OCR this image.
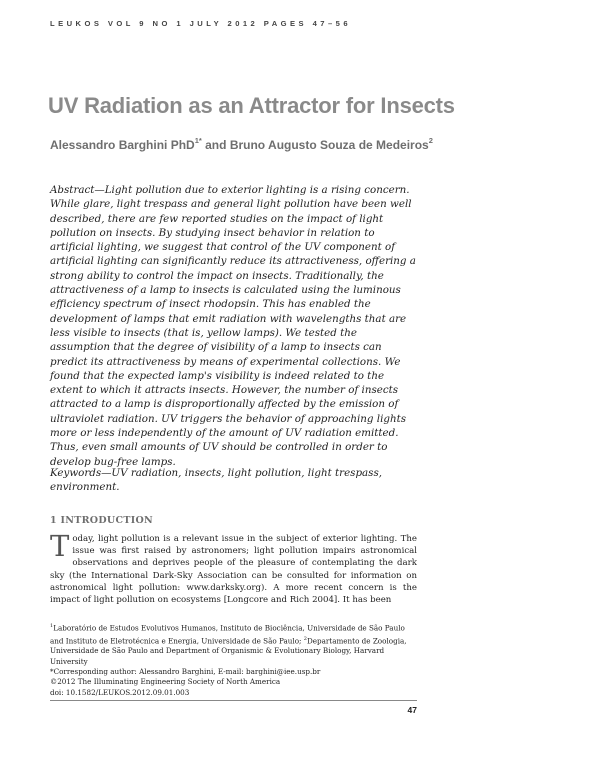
LEUKOS VOL 9 NO 1 JULY 2012 PAGES 47–56
UV Radiation as an Attractor for Insects
Alessandro Barghini PhD$^{1*}$ and Bruno Augusto Souza de Medeiros$^2$
Abstract—Light pollution due to exterior lighting is a rising concern. While glare, light trespass and general light pollution have been well described, there are few reported studies on the impact of light pollution on insects. By studying insect behavior in relation to artificial lighting, we suggest that control of the UV component of artificial lighting can significantly reduce its attractiveness, offering a strong ability to control the impact on insects. Traditionally, the attractiveness of a lamp to insects is calculated using the luminous efficiency spectrum of insect rhodopsin. This has enabled the development of lamps that emit radiation with wavelengths that are less visible to insects (that is, yellow lamps). We tested the assumption that the degree of visibility of a lamp to insects can predict its attractiveness by means of experimental collections. We found that the expected lamp's visibility is indeed related to the extent to which it attracts insects. However, the number of insects attracted to a lamp is disproportionally affected by the emission of ultraviolet radiation. UV triggers the behavior of approaching lights more or less independently of the amount of UV radiation emitted. Thus, even small amounts of UV should be controlled in order to develop bug-free lamps.
Keywords—UV radiation, insects, light pollution, light trespass, environment.
1 INTRODUCTION
Today, light pollution is a relevant issue in the subject of exterior lighting. The issue was first raised by astronomers; light pollution impairs astronomical observations and deprives people of the pleasure of contemplating the dark sky (the International Dark-Sky Association can be consulted for information on astronomical light pollution: www.darksky.org). A more recent concern is the impact of light pollution on ecosystems [Longcore and Rich 2004]. It has been

$^1$Laboratório de Estudos Evolutivos Humanos, Instituto de Biociência, Universidade de São Paulo and Instituto de Eletrotécnica e Energia, Universidade de São Paulo; $^2$Departamento de Zoologia, Universidade de São Paulo and Department of Organismic & Evolutionary Biology, Harvard University

*Corresponding author: Alessandro Barghini, E-mail: barghini@iee.usp.br

©2012 The Illuminating Engineering Society of North America

doi: 10.1582/LEUKOS.2012.09.01.003

47
